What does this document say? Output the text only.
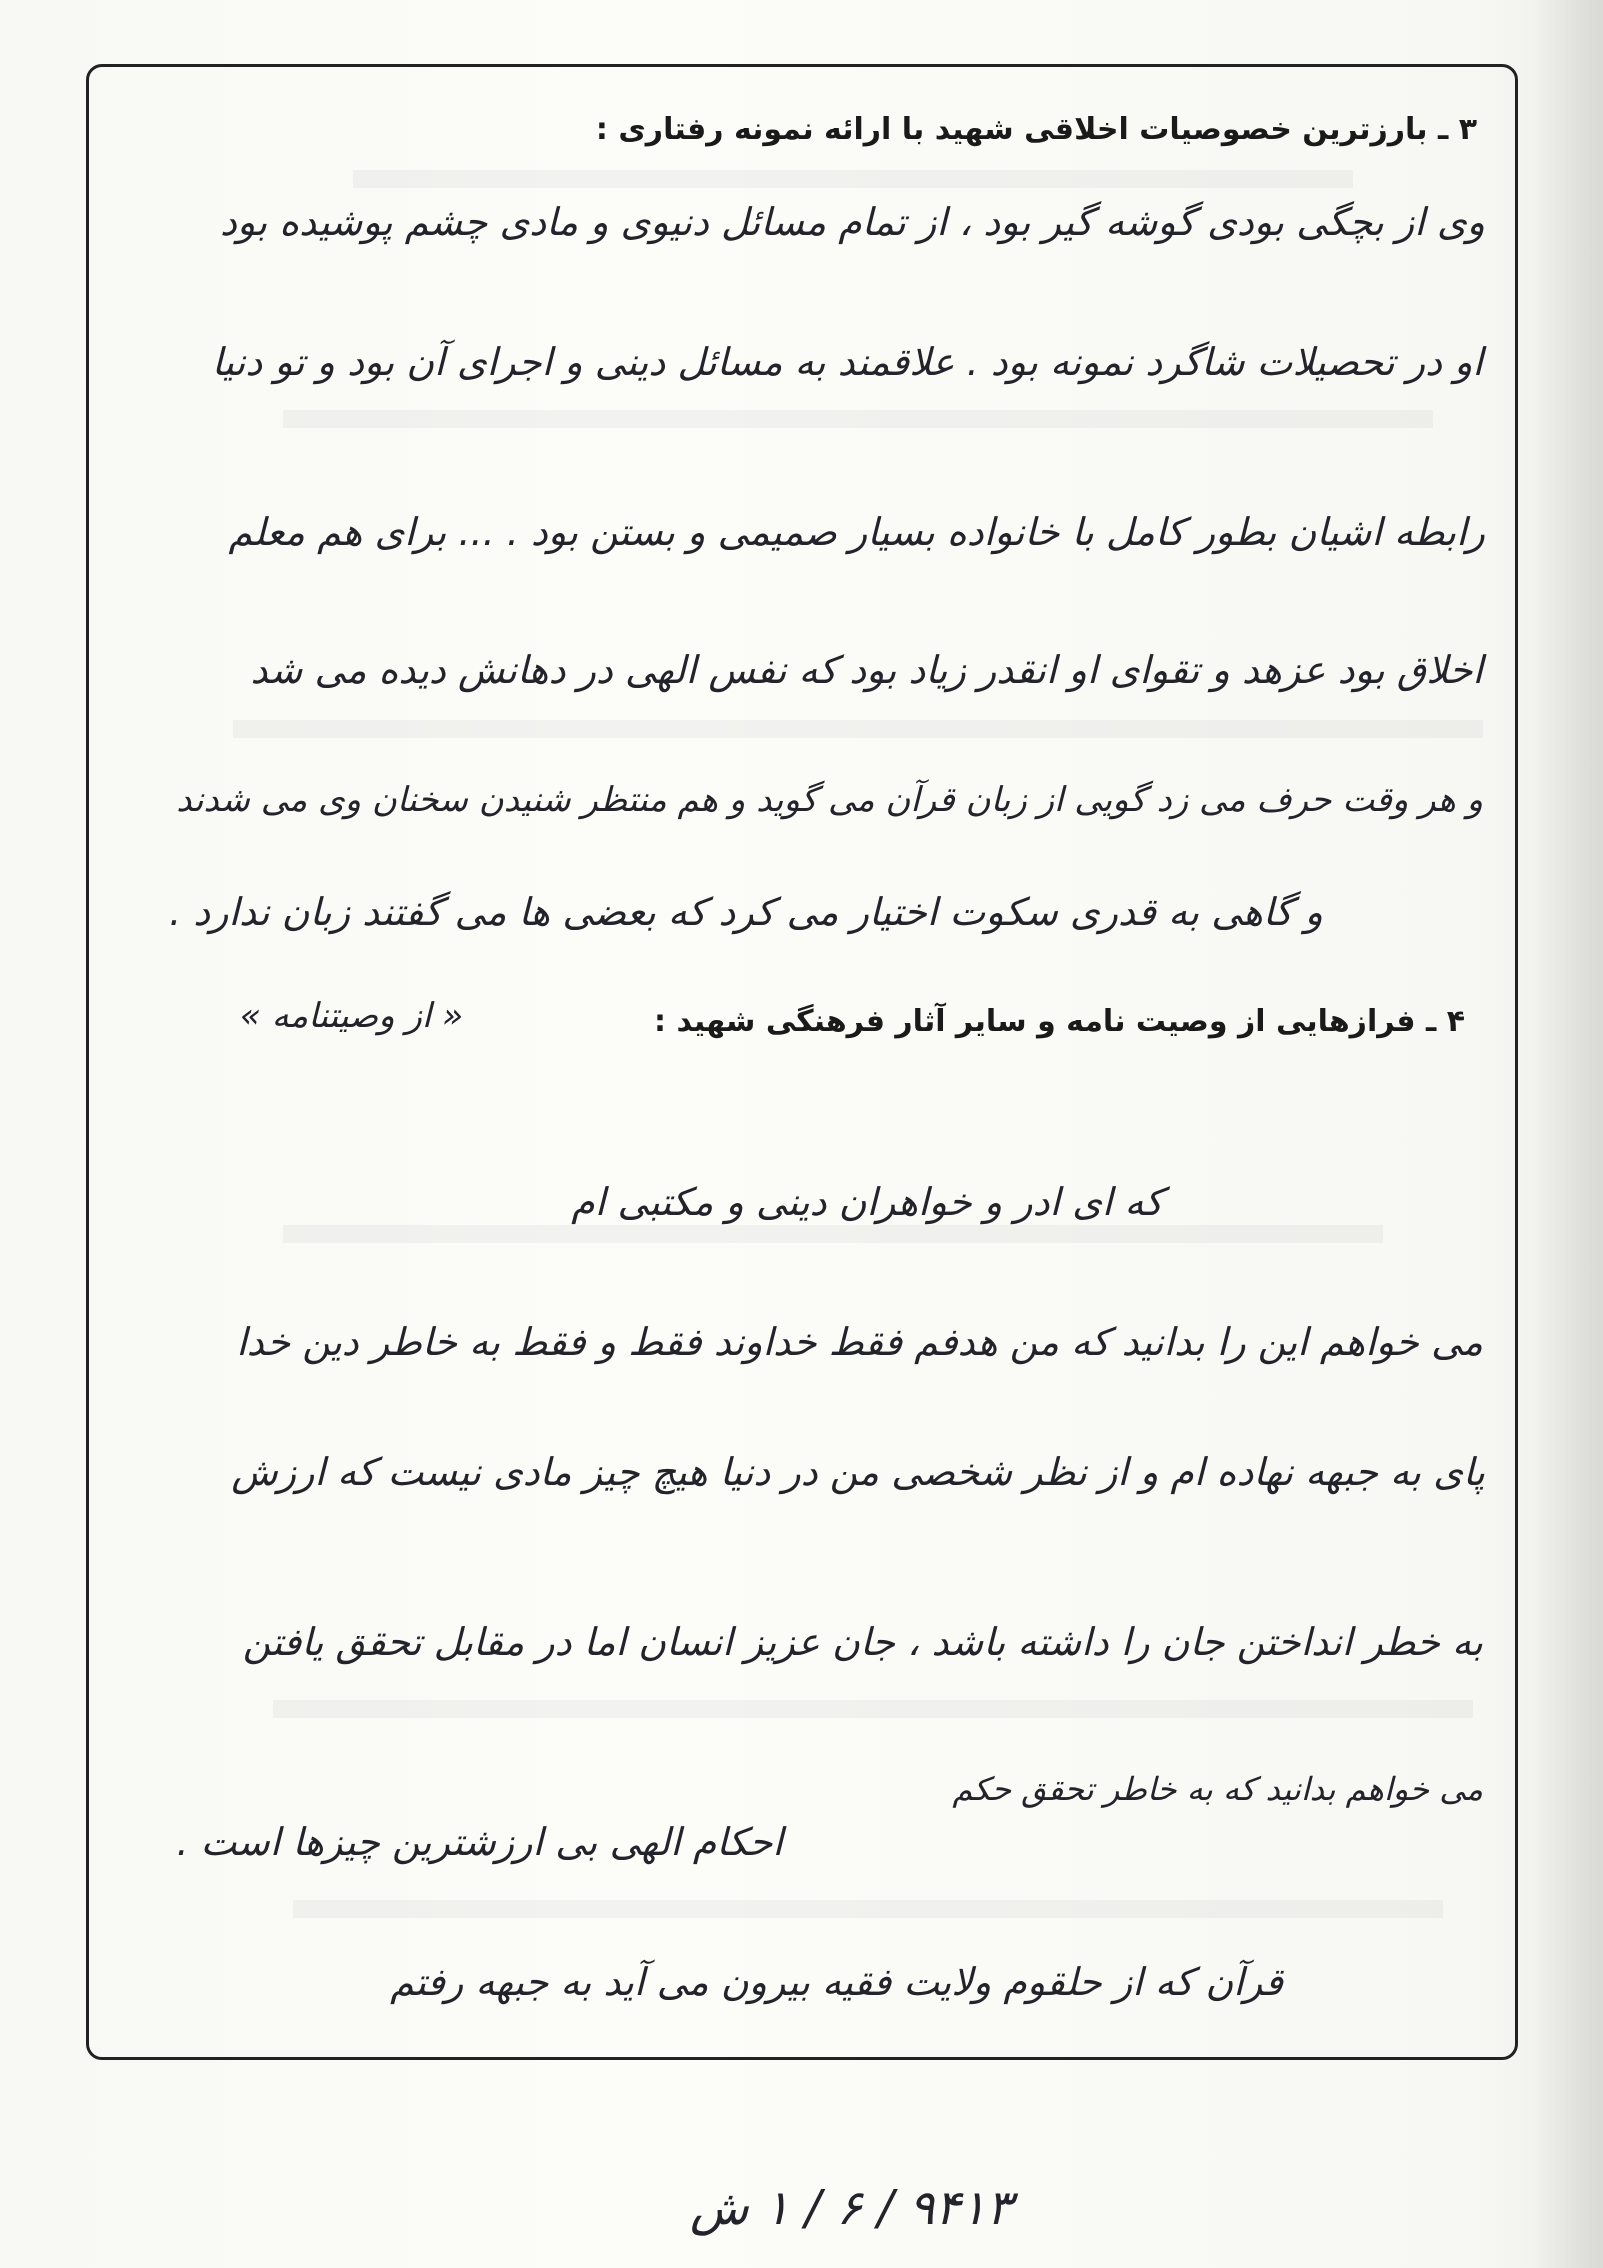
۳ ـ بارزترین خصوصیات اخلاقی شهید با ارائه نمونه رفتاری :
وی از بچگی بودی گوشه گیر بود ، از تمام مسائل دنیوی و مادی چشم پوشیده بود
او در تحصیلات شاگرد نمونه بود . علاقمند به مسائل دینی و اجرای آن بود و تو دنیا
رابطه اشیان بطور کامل با خانواده بسیار صمیمی و بستن بود . ... برای هم معلم
اخلاق بود عزهد و تقوای او انقدر زیاد بود که نفس الهی در دهانش دیده می شد
و هر وقت حرف می زد گویی از زبان قرآن می گوید و هم منتظر شنیدن سخنان وی می شدند
و گاهی به قدری سکوت اختیار می کرد که بعضی ها می گفتند زبان ندارد .
« از وصیتنامه »	۴ ـ فرازهایی از وصیت نامه و سایر آثار فرهنگی شهید :
که ای ادر و خواهران دینی و مکتبی ام
می خواهم این را بدانید که من هدفم فقط خداوند فقط و فقط به خاطر دین خدا
پای به جبهه نهاده ام و از نظر شخصی من در دنیا هیچ چیز مادی نیست که ارزش
به خطر انداختن جان را داشته باشد ، جان عزیز انسان اما در مقابل تحقق یافتن
احکام الهی بی ارزشترین چیزها است .
می خواهم بدانید که به خاطر تحقق حکم
قرآن که از حلقوم ولایت فقیه بیرون می آید به جبهه رفتم
۹۴۱۳ / ۶ / ۱ ش
